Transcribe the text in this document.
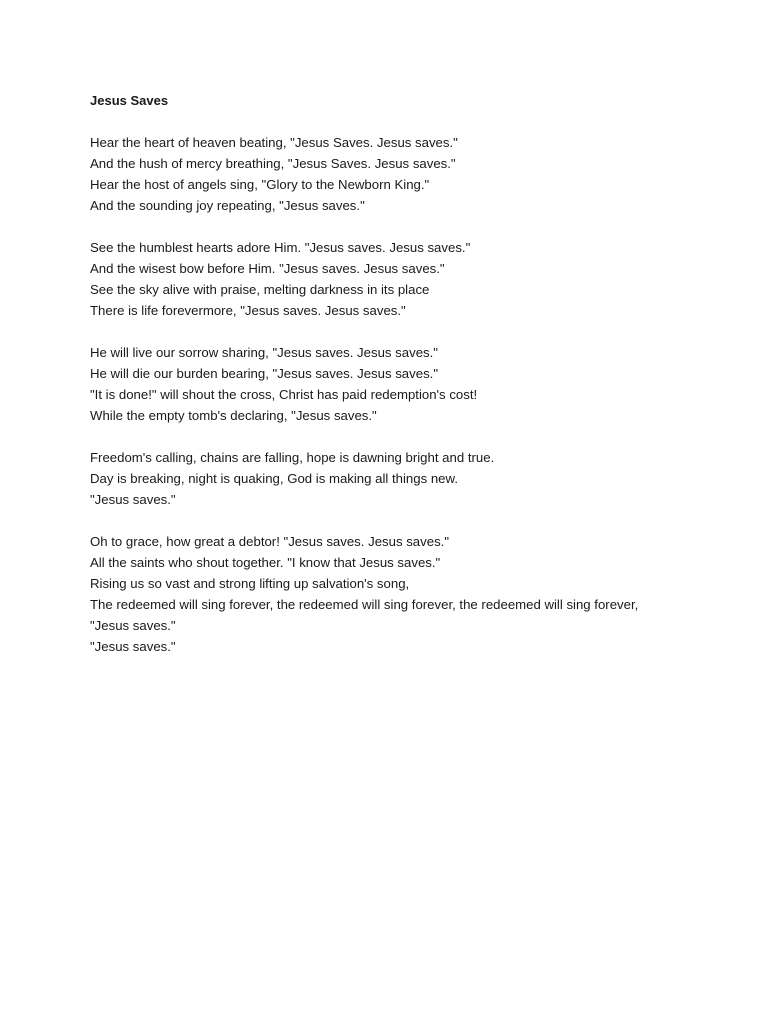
Jesus Saves
Hear the heart of heaven beating, "Jesus Saves. Jesus saves."
And the hush of mercy breathing, "Jesus Saves. Jesus saves."
Hear the host of angels sing, "Glory to the Newborn King."
And the sounding joy repeating, "Jesus saves."
See the humblest hearts adore Him. "Jesus saves. Jesus saves."
And the wisest bow before Him. "Jesus saves. Jesus saves."
See the sky alive with praise, melting darkness in its place
There is life forevermore, "Jesus saves. Jesus saves."
He will live our sorrow sharing, "Jesus saves. Jesus saves."
He will die our burden bearing, "Jesus saves. Jesus saves."
"It is done!" will shout the cross, Christ has paid redemption's cost!
While the empty tomb's declaring, "Jesus saves."
Freedom's calling, chains are falling, hope is dawning bright and true.
Day is breaking, night is quaking, God is making all things new.
"Jesus saves."
Oh to grace, how great a debtor! "Jesus saves. Jesus saves."
All the saints who shout together. "I know that Jesus saves."
Rising us so vast and strong lifting up salvation's song,
The redeemed will sing forever, the redeemed will sing forever, the redeemed will sing forever,
"Jesus saves."
"Jesus saves."
